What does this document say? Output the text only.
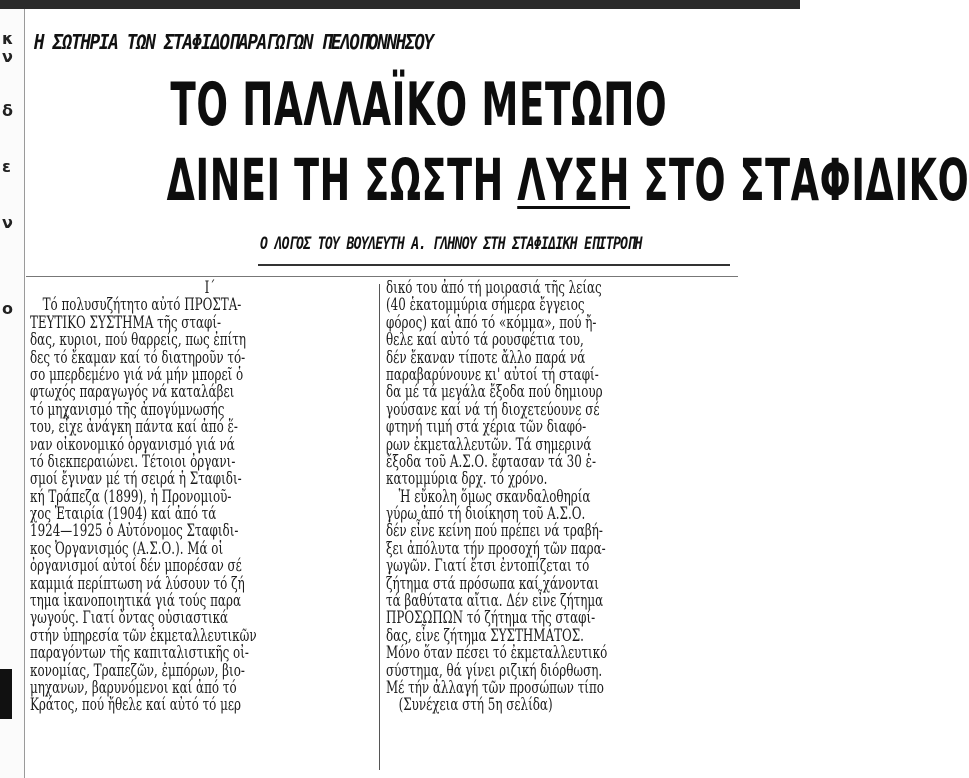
κ
ν
δ
ε
ν
ο
Η ΣΩΤΗΡΙΑ ΤΩΝ ΣΤΑΦΙΔΟΠΑΡΑΓΩΓΩΝ ΠΕΛΟΠΟΝΝΗΣΟΥ
ΤΟ ΠΑΛΛΑΪΚΟ ΜΕΤΩΠΟ
ΔΙΝΕΙ ΤΗ ΣΩΣΤΗ ΛΥΣΗ ΣΤΟ ΣΤΑΦΙΔΙΚΟ
Ο ΛΟΓΟΣ ΤΟΥ ΒΟΥΛΕΥΤΗ Α. ΓΛΗΝΟΥ ΣΤΗ ΣΤΑΦΙΔΙΚΗ ΕΠΙΤΡΟΠΗ
Ι΄
Τό πολυσυζήτητο αὐτό ΠΡΟΣΤΑ-
ΤΕΥΤΙΚΟ ΣΥΣΤΗΜΑ τῆς σταφί-
δας, κυριοι, πού θαρρείς, πως ἐπίτη
δες τό ἔκαμαν καί τό διατηροῦν τό-
σο μπερδεμένο γιά νά μήν μπορεῖ ὁ
φτωχός παραγωγός νά καταλάβει
τό μηχανισμό τῆς ἀπογύμνωσής
του, εἶχε ἀνάγκη πάντα καί ἀπό ἕ-
ναν οἰκονομικό ὀργανισμό γιά νά
τό διεκπεραιώνει. Τέτοιοι ὀργανι-
σμοί ἔγιναν μέ τή σειρά ἡ Σταφιδι-
κή Τράπεζα (1899), ἡ Προνομιοῦ-
χος Ἑταιρία (1904) καί ἀπό τά
1924—1925 ὁ Αὐτόνομος Σταφιδι-
κος Ὀργανισμός (Α.Σ.Ο.). Μά οἱ
ὀργανισμοί αὐτοί δέν μπορέσαν σέ
καμμιά περίπτωση νά λύσουν τό ζή
τημα ἱκανοποιητικά γιά τούς παρα
γωγούς. Γιατί ὄντας οὐσιαστικά
στήν ὑπηρεσία τῶν ἐκμεταλλευτικῶν
παραγόντων τῆς καπιταλιστικῆς οἰ-
κονομίας, Τραπεζῶν, ἐμπόρων, βιο-
μηχανων, βαρυνόμενοι καί ἀπό τό
Κράτος, πού ἤθελε καί αὐτό τό μερ
δικό του ἀπό τή μοιρασιά τῆς λείας
(40 ἑκατομμύρια σήμερα ἔγγειος
φόρος) καί ἀπό τό «κόμμα», πού ἤ-
θελε καί αὐτό τά ρουσφέτια του,
δέν ἔκαναν τίποτε ἄλλο παρά νά
παραβαρύνουνε κι' αὐτοί τή σταφί-
δα μέ τά μεγάλα ἔξοδα πού δημιουρ
γούσανε καί νά τή διοχετεύουνε σέ
φτηνή τιμή στά χέρια τῶν διαφό-
ρων ἐκμεταλλευτῶν. Τά σημερινά
ἔξοδα τοῦ Α.Σ.Ο. ἔφτασαν τά 30 ἑ-
κατομμύρια δρχ. τό χρόνο.
Ἡ εὔκολη ὅμως σκανδαλοθηρία
γύρω ἀπό τή διοίκηση τοῦ Α.Σ.Ο.
δέν εἶνε κείνη πού πρέπει νά τραβή-
ξει ἀπόλυτα τήν προσοχή τῶν παρα-
γωγῶν. Γιατί ἔτσι ἐντοπίζεται τό
ζήτημα στά πρόσωπα καί χάνονται
τά βαθύτατα αἴτια. Δέν εἶνε ζήτημα
ΠΡΟΣΩΠΩΝ τό ζήτημα τῆς σταφί-
δας, εἶνε ζήτημα ΣΥΣΤΗΜΑΤΟΣ.
Μόνο ὅταν πέσει τό ἐκμεταλλευτικό
σύστημα, θά γίνει ριζική διόρθωση.
Μέ τήν ἀλλαγή τῶν προσώπων τίπο
(Συνέχεια στή 5η σελίδα)
